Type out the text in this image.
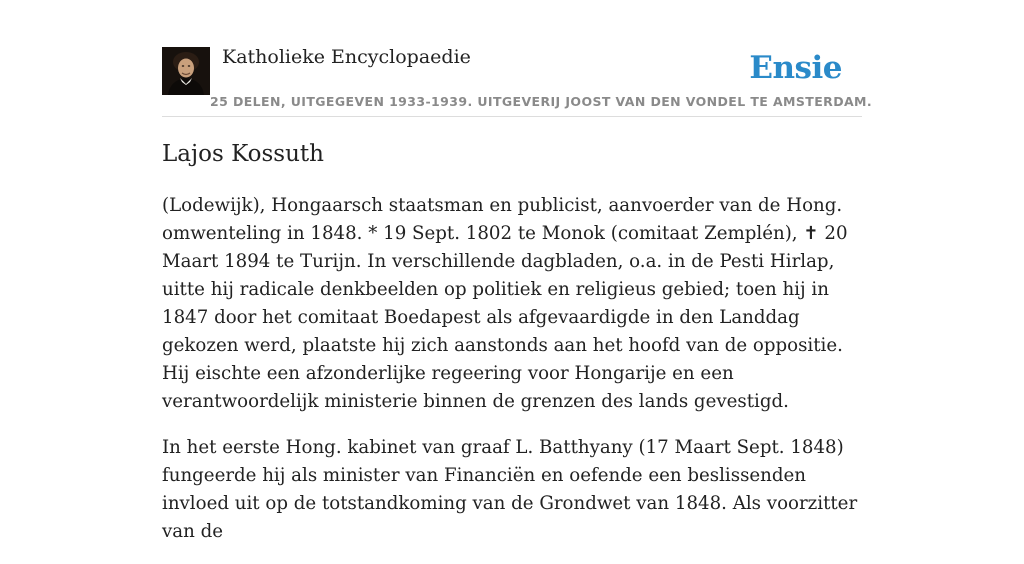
Katholieke Encyclopaedie	Ensie
25 DELEN, UITGEGEVEN 1933-1939. UITGEVERIJ JOOST VAN DEN VONDEL TE AMSTERDAM.
Lajos Kossuth

(Lodewijk), Hongaarsch staatsman en publicist, aanvoerder van de Hong. omwenteling in 1848. * 19 Sept. 1802 te Monok (comitaat Zemplén), ✝ 20 Maart 1894 te Turijn. In verschillende dagbladen, o.a. in de Pesti Hirlap, uitte hij radicale denkbeelden op politiek en religieus gebied; toen hij in 1847 door het comitaat Boedapest als afgevaardigde in den Landdag gekozen werd, plaatste hij zich aanstonds aan het hoofd van de oppositie. Hij eischte een afzonderlijke regeering voor Hongarije en een verantwoordelijk ministerie binnen de grenzen des lands gevestigd.

In het eerste Hong. kabinet van graaf L. Batthyany (17 Maart Sept. 1848) fungeerde hij als minister van Financiën en oefende een beslissenden invloed uit op de totstandkoming van de Grondwet van 1848. Als voorzitter van de
